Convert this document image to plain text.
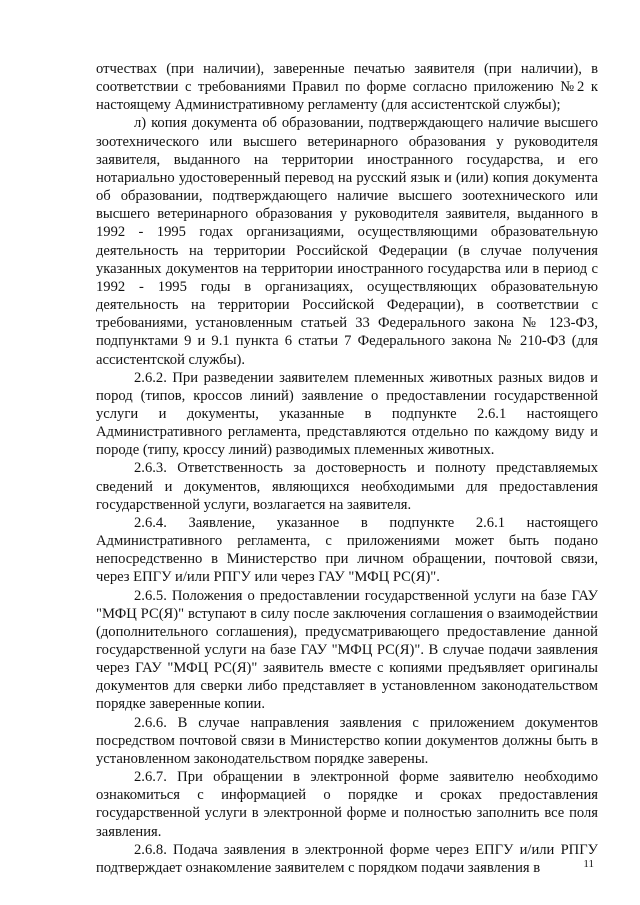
отчествах (при наличии), заверенные печатью заявителя (при наличии), в соответствии с требованиями Правил по форме согласно приложению №2 к настоящему Административному регламенту (для ассистентской службы);

л) копия документа об образовании, подтверждающего наличие высшего зоотехнического или высшего ветеринарного образования у руководителя заявителя, выданного на территории иностранного государства, и его нотариально удостоверенный перевод на русский язык и (или) копия документа об образовании, подтверждающего наличие высшего зоотехнического или высшего ветеринарного образования у руководителя заявителя, выданного в 1992 - 1995 годах организациями, осуществляющими образовательную деятельность на территории Российской Федерации (в случае получения указанных документов на территории иностранного государства или в период с 1992 - 1995 годы в организациях, осуществляющих образовательную деятельность на территории Российской Федерации), в соответствии с требованиями, установленным статьей 33 Федерального закона № 123-ФЗ, подпунктами 9 и 9.1 пункта 6 статьи 7 Федерального закона № 210-ФЗ (для ассистентской службы).

2.6.2. При разведении заявителем племенных животных разных видов и пород (типов, кроссов линий) заявление о предоставлении государственной услуги и документы, указанные в подпункте 2.6.1 настоящего Административного регламента, представляются отдельно по каждому виду и породе (типу, кроссу линий) разводимых племенных животных.

2.6.3. Ответственность за достоверность и полноту представляемых сведений и документов, являющихся необходимыми для предоставления государственной услуги, возлагается на заявителя.

2.6.4. Заявление, указанное в подпункте 2.6.1 настоящего Административного регламента, с приложениями может быть подано непосредственно в Министерство при личном обращении, почтовой связи, через ЕПГУ и/или РПГУ или через ГАУ "МФЦ РС(Я)".

2.6.5. Положения о предоставлении государственной услуги на базе ГАУ "МФЦ РС(Я)" вступают в силу после заключения соглашения о взаимодействии (дополнительного соглашения), предусматривающего предоставление данной государственной услуги на базе ГАУ "МФЦ РС(Я)". В случае подачи заявления через ГАУ "МФЦ РС(Я)" заявитель вместе с копиями предъявляет оригиналы документов для сверки либо представляет в установленном законодательством порядке заверенные копии.

2.6.6. В случае направления заявления с приложением документов посредством почтовой связи в Министерство копии документов должны быть в установленном законодательством порядке заверены.

2.6.7. При обращении в электронной форме заявителю необходимо ознакомиться с информацией о порядке и сроках предоставления государственной услуги в электронной форме и полностью заполнить все поля заявления.

2.6.8. Подача заявления в электронной форме через ЕПГУ и/или РПГУ подтверждает ознакомление заявителем с порядком подачи заявления в	11
